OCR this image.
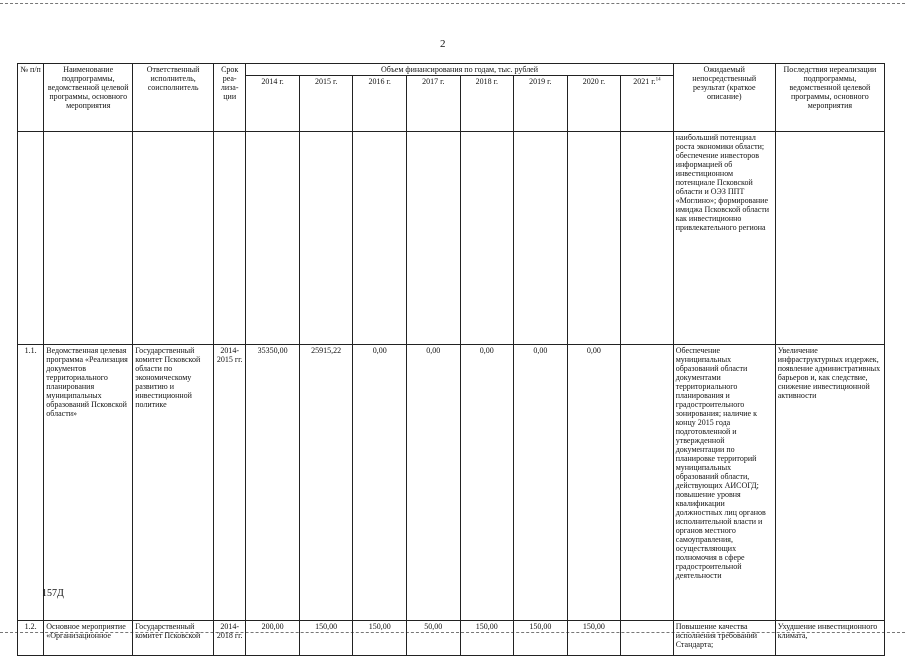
2
№ п/п	Наименование подпрограммы, ведомственной целевой программы, основного мероприятия	Ответственный исполнитель, соисполнитель	Срок реа-лиза-ции	Объем финансирования по годам, тыс. рублей								Ожидаемый непосредственный результат (краткое описание)	Последствия нереализации подпрограммы, ведомственной целевой программы, основного мероприятия
				2014 г.	2015 г.	2016 г.	2017 г.	2018 г.	2019 г.	2020 г.	2021 г.$^{14}$
												наибольший потенциал роста экономики области; обеспечение инвесторов информацией об инвестиционном потенциале Псковской области и ОЭЗ ППТ «Моглино»; формирование имиджа Псковской области как инвестиционно привлекательного региона	
1.1.	Ведомственная целевая программа «Реализация документов территориального планирования муниципальных образований Псковской области»	Государственный комитет Псковской области по экономическому развитию и инвестиционной политике	2014-2015 гг.	35350,00	25915,22	0,00	0,00	0,00	0,00	0,00		Обеспечение муниципальных образований области документами территориального планирования и градостроительного зонирования; наличие к концу 2015 года подготовленной и утвержденной документации по планировке территорий муниципальных образований области, действующих АИСОГД; повышение уровня квалификации должностных лиц органов исполнительной власти и органов местного самоуправления, осуществляющих полномочия в сфере градостроительной деятельности	Увеличение инфраструктурных издержек, появление административных барьеров и, как следствие, снижение инвестиционной активности
1.2.	Основное мероприятие «Организационное	Государственный комитет Псковской	2014-2018 гг.	200,00	150,00	150,00	50,00	150,00	150,00	150,00		Повышение качества исполнения требований Стандарта;	Ухудшение инвестиционного климата,
157Д
